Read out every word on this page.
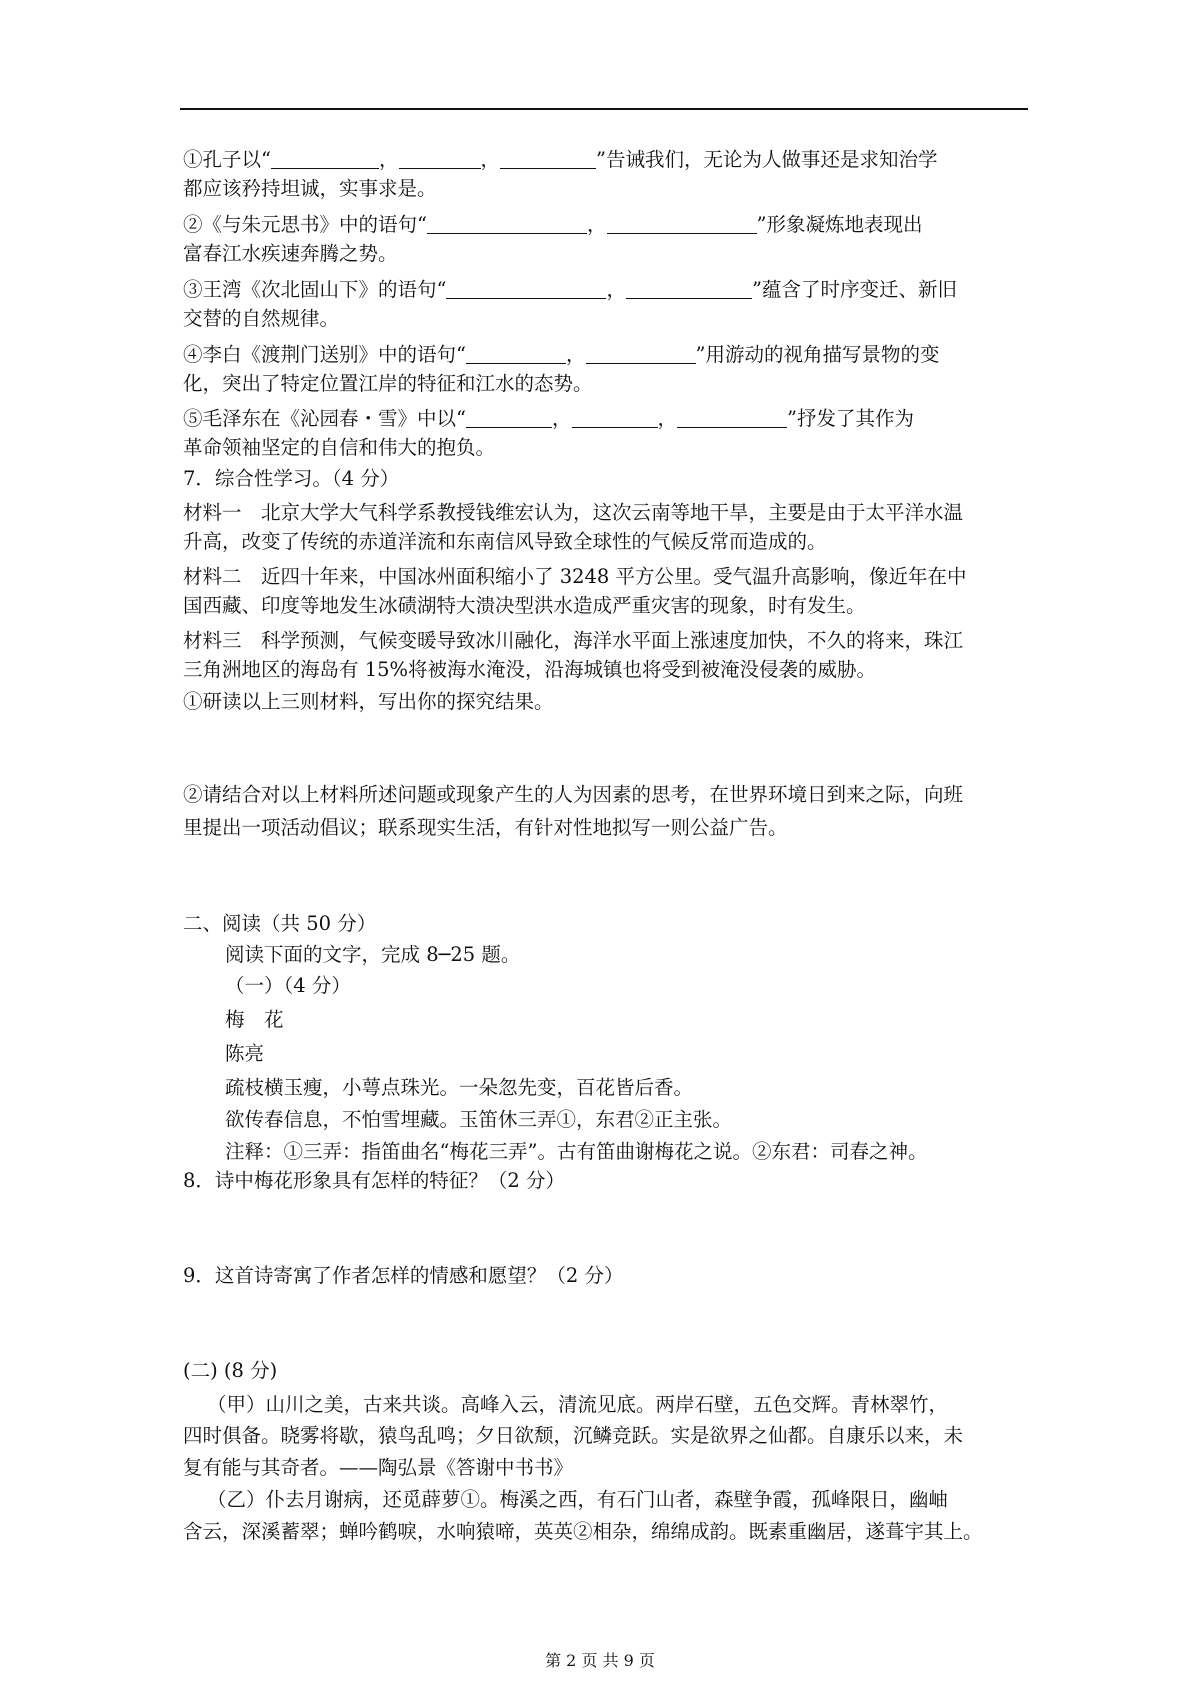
①孔子以“	，	，	”告诫我们，无论为人做事还是求知治学
都应该矜持坦诚，实事求是。
②《与朱元思书》中的语句“	，	”形象凝炼地表现出
富春江水疾速奔腾之势。
③王湾《次北固山下》的语句“	，	”蕴含了时序变迁、新旧
交替的自然规律。
④李白《渡荆门送别》中的语句“	，	”用游动的视角描写景物的变
化，突出了特定位置江岸的特征和江水的态势。
⑤毛泽东在《沁园春・雪》中以“	，	，	”抒发了其作为
革命领袖坚定的自信和伟大的抱负。
7．综合性学习。（4 分）
材料一　北京大学大气科学系教授钱维宏认为，这次云南等地干旱，主要是由于太平洋水温
升高，改变了传统的赤道洋流和东南信风导致全球性的气候反常而造成的。
材料二　近四十年来，中国冰州面积缩小了 3248 平方公里。受气温升高影响，像近年在中
国西藏、印度等地发生冰碛湖特大溃决型洪水造成严重灾害的现象，时有发生。
材料三　科学预测，气候变暖导致冰川融化，海洋水平面上涨速度加快，不久的将来，珠江
三角洲地区的海岛有 15%将被海水淹没，沿海城镇也将受到被淹没侵袭的威胁。
①研读以上三则材料，写出你的探究结果。
②请结合对以上材料所述问题或现象产生的人为因素的思考，在世界环境日到来之际，向班
里提出一项活动倡议；联系现实生活，有针对性地拟写一则公益广告。
二、阅读（共 50 分）
阅读下面的文字，完成 8─25 题。
（一）（4 分）
梅　花
陈亮
疏枝横玉瘦，小萼点珠光。一朵忽先变，百花皆后香。
欲传春信息，不怕雪埋藏。玉笛休三弄①，东君②正主张。
注释：①三弄：指笛曲名“梅花三弄”。古有笛曲谢梅花之说。②东君：司春之神。
8．诗中梅花形象具有怎样的特征？（2 分）
9．这首诗寄寓了作者怎样的情感和愿望？（2 分）
(二) (8 分)
（甲）山川之美，古来共谈。高峰入云，清流见底。两岸石壁，五色交辉。青林翠竹，
四时俱备。晓雾将歇，猿鸟乱鸣；夕日欲颓，沉鳞竞跃。实是欲界之仙都。自康乐以来，未
复有能与其奇者。——陶弘景《答谢中书书》
（乙）仆去月谢病，还觅薜萝①。梅溪之西，有石门山者，森壁争霞，孤峰限日，幽岫
含云，深溪蓄翠；蝉吟鹤唳，水响猿啼，英英②相杂，绵绵成韵。既素重幽居，遂葺宇其上。
第 2 页 共 9 页
